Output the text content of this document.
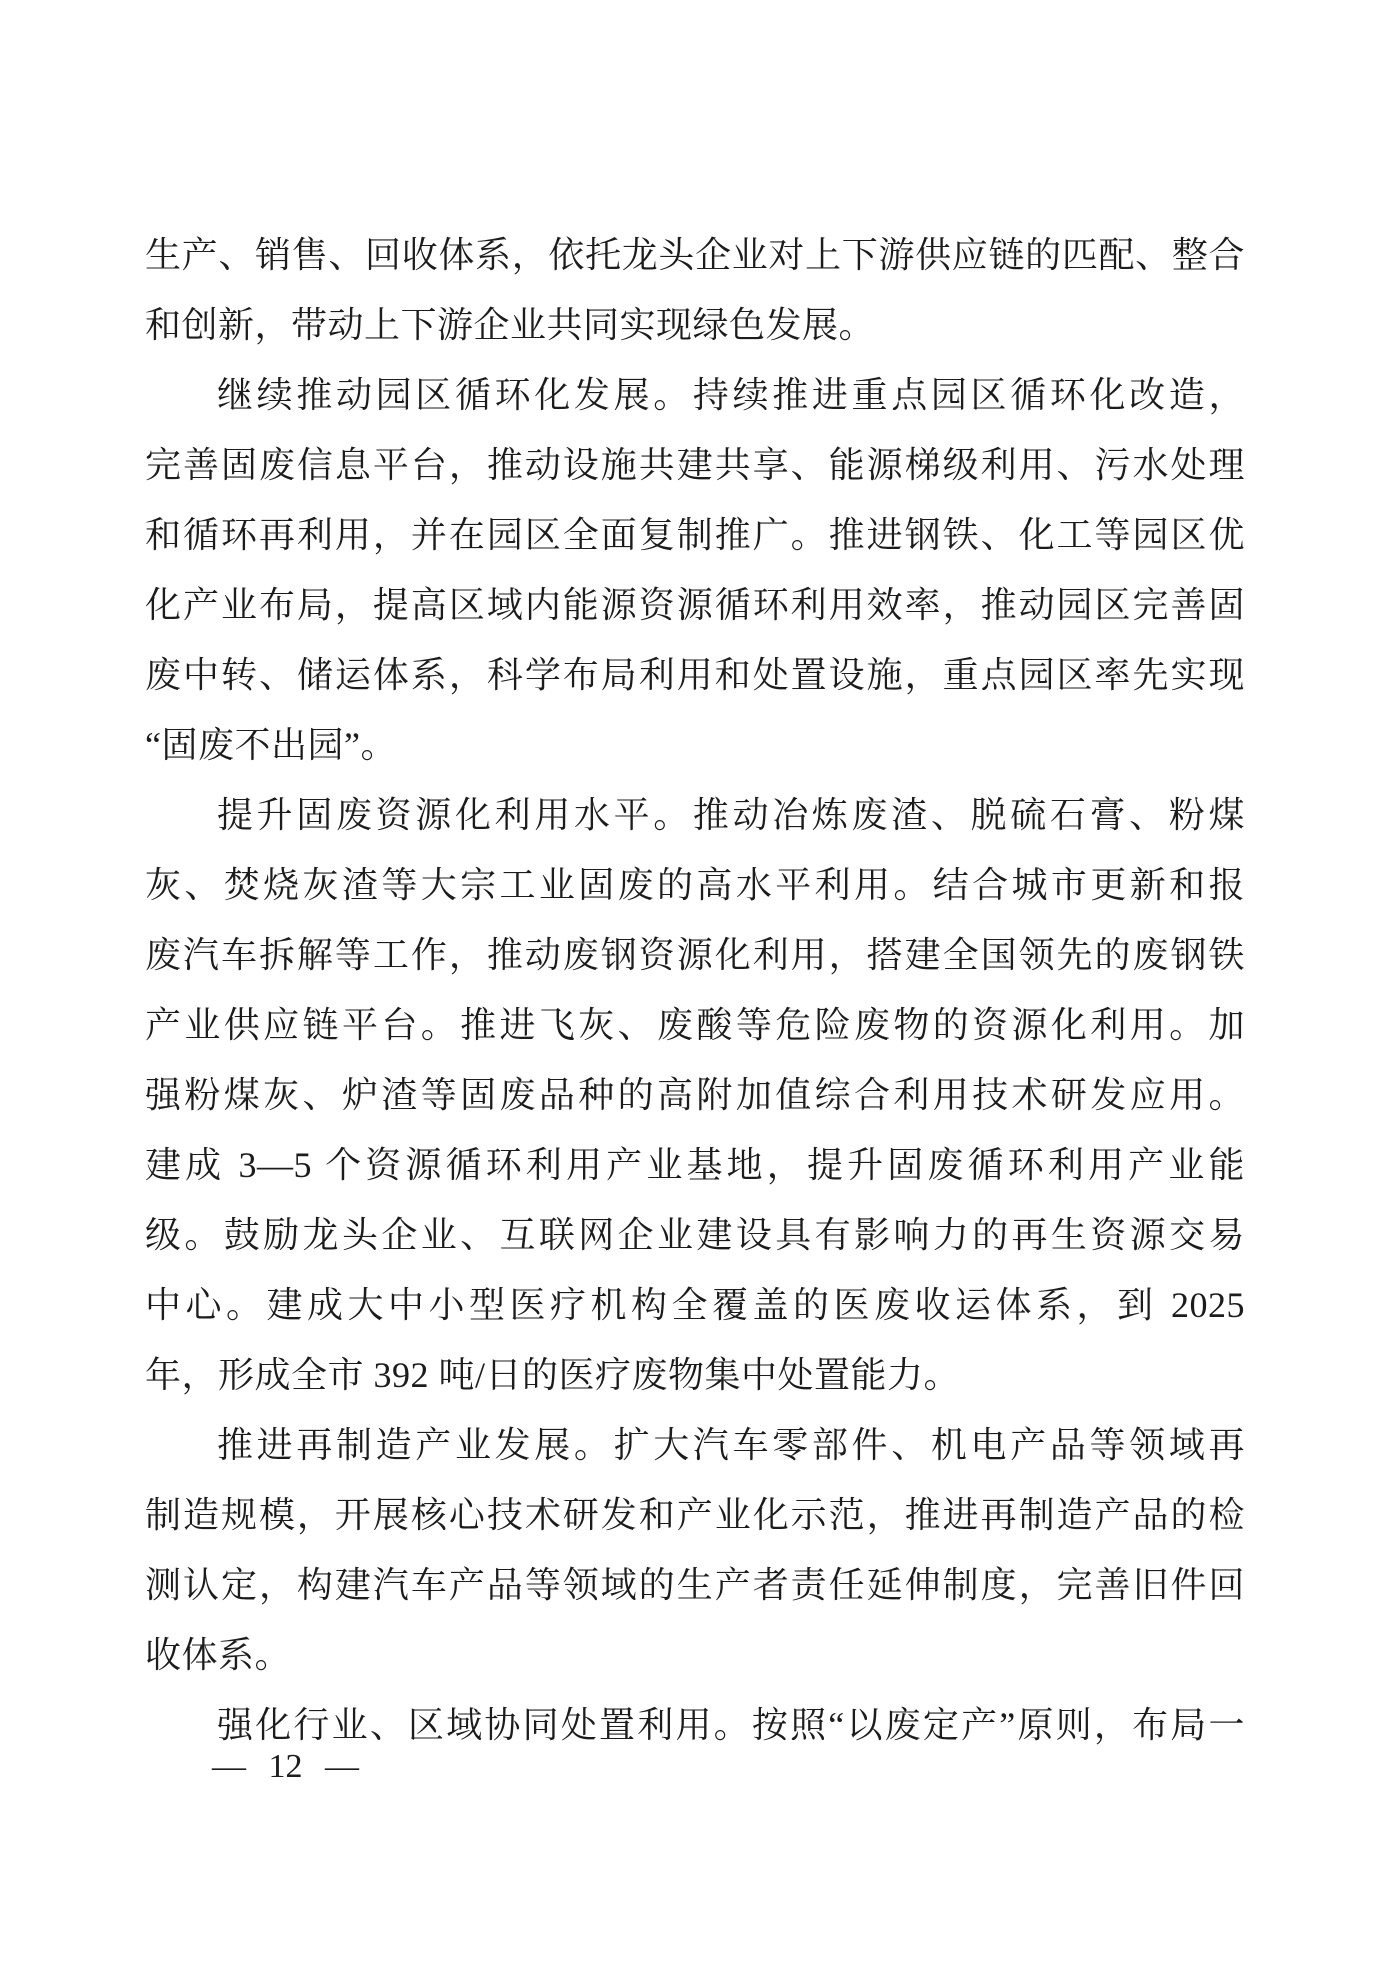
生产、销售、回收体系，依托龙头企业对上下游供应链的匹配、整合
和创新，带动上下游企业共同实现绿色发展。
继续推动园区循环化发展。持续推进重点园区循环化改造，
完善固废信息平台，推动设施共建共享、能源梯级利用、污水处理
和循环再利用，并在园区全面复制推广。推进钢铁、化工等园区优
化产业布局，提高区域内能源资源循环利用效率，推动园区完善固
废中转、储运体系，科学布局利用和处置设施，重点园区率先实现
“固废不出园”。
提升固废资源化利用水平。推动冶炼废渣、脱硫石膏、粉煤
灰、焚烧灰渣等大宗工业固废的高水平利用。结合城市更新和报
废汽车拆解等工作，推动废钢资源化利用，搭建全国领先的废钢铁
产业供应链平台。推进飞灰、废酸等危险废物的资源化利用。加
强粉煤灰、炉渣等固废品种的高附加值综合利用技术研发应用。
建成 3—5 个资源循环利用产业基地，提升固废循环利用产业能
级。鼓励龙头企业、互联网企业建设具有影响力的再生资源交易
中心。建成大中小型医疗机构全覆盖的医废收运体系，到 2025
年，形成全市 392 吨/日的医疗废物集中处置能力。
推进再制造产业发展。扩大汽车零部件、机电产品等领域再
制造规模，开展核心技术研发和产业化示范，推进再制造产品的检
测认定，构建汽车产品等领域的生产者责任延伸制度，完善旧件回
收体系。
强化行业、区域协同处置利用。按照“以废定产”原则，布局一
— 12 —
